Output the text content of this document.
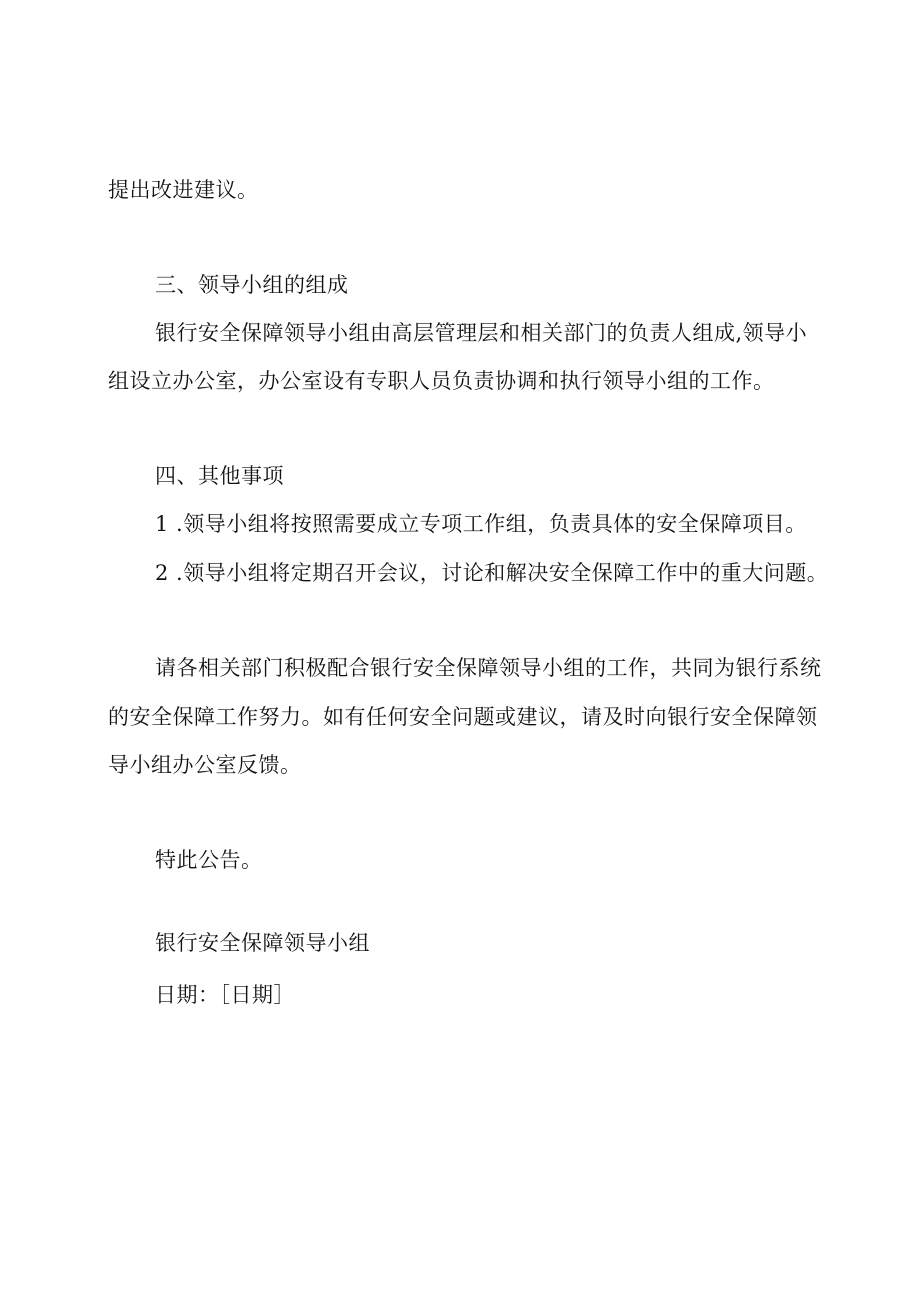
提出改进建议。
三、领导小组的组成
银行安全保障领导小组由高层管理层和相关部门的负责人组成,领导小
组设立办公室，办公室设有专职人员负责协调和执行领导小组的工作。
四、其他事项
1 .领导小组将按照需要成立专项工作组，负责具体的安全保障项目。
2 .领导小组将定期召开会议，讨论和解决安全保障工作中的重大问题。
请各相关部门积极配合银行安全保障领导小组的工作，共同为银行系统
的安全保障工作努力。如有任何安全问题或建议，请及时向银行安全保障领
导小组办公室反馈。
特此公告。
银行安全保障领导小组
日期：［日期］
